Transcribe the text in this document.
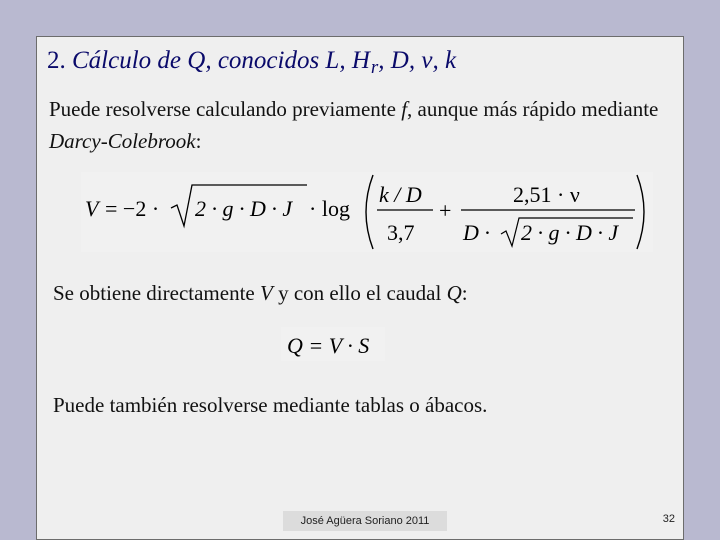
2. Cálculo de Q, conocidos L, $H_r$, D, ν, k
Puede resolverse calculando previamente f, aunque más rápido mediante Darcy-Colebrook:
V = −2 · 2 · g · D · J · log
k / D
3,7
+
2,51 · ν
D · 2 · g · D · J
Se obtiene directamente V y con ello el caudal Q:
Q = V · S
Puede también resolverse mediante tablas o ábacos.
José Agüera Soriano 2011	32
